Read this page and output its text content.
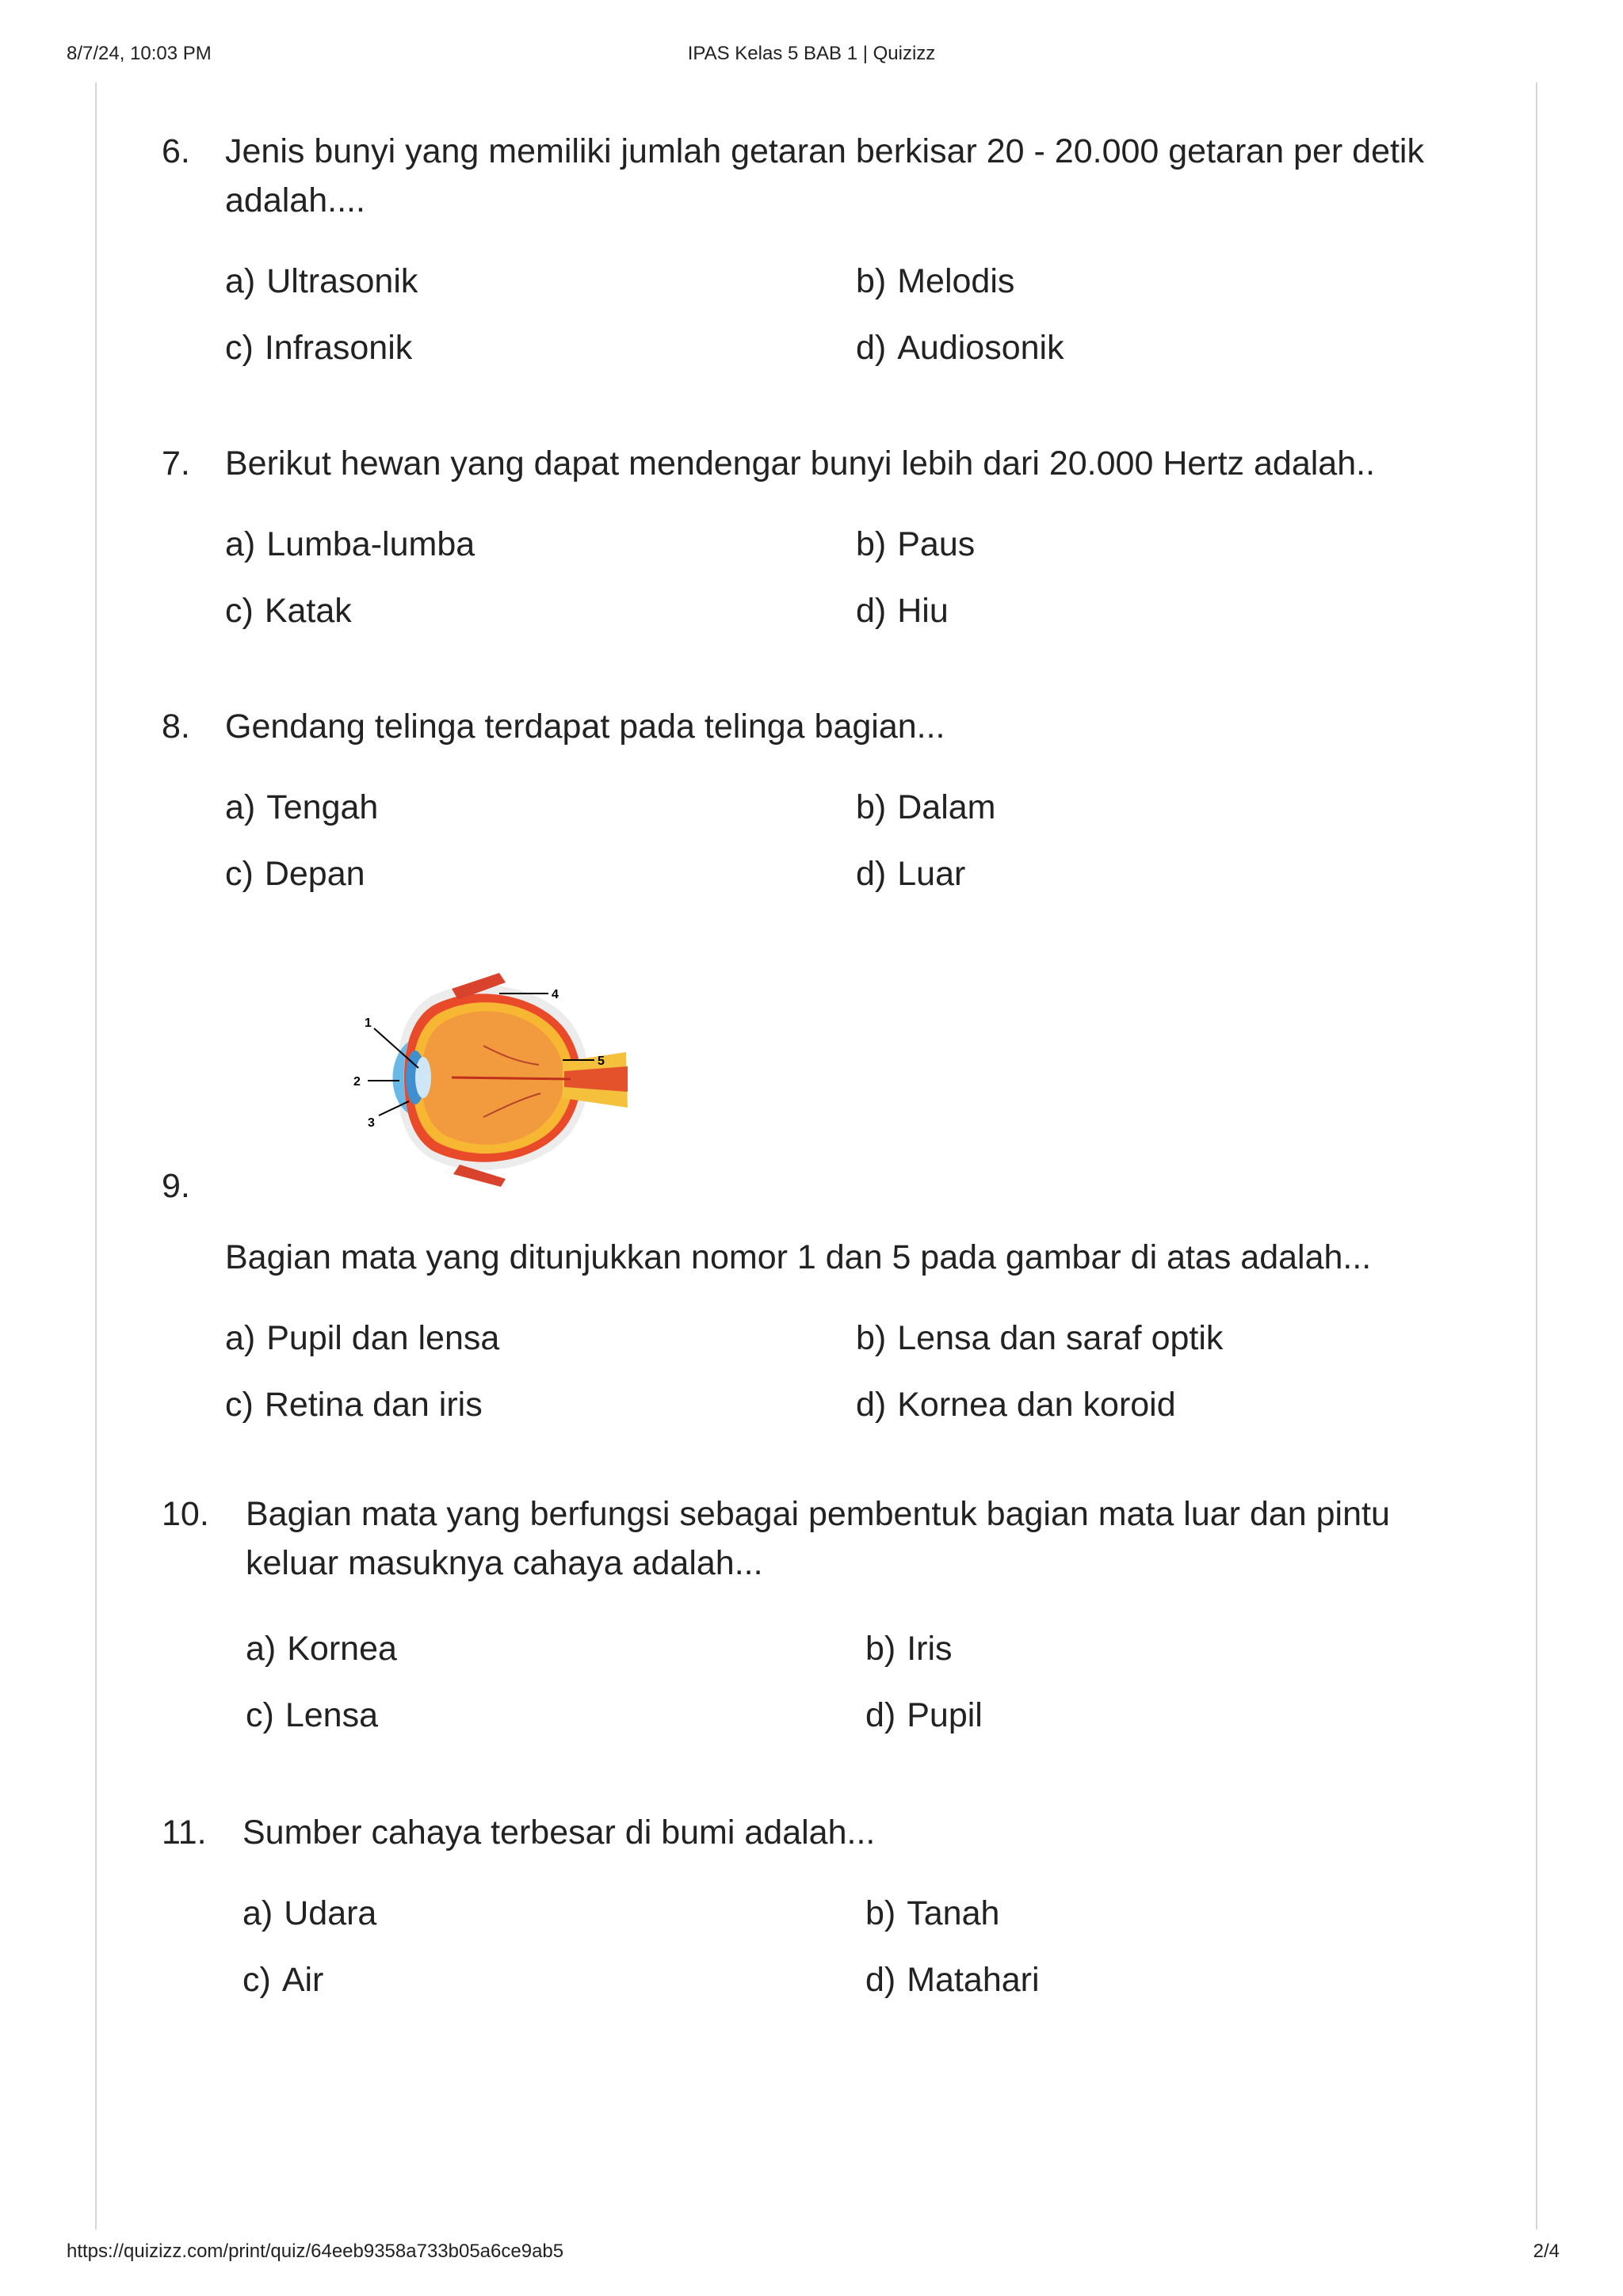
8/7/24, 10:03 PM	IPAS Kelas 5 BAB 1 | Quizizz
6. Jenis bunyi yang memiliki jumlah getaran berkisar 20 - 20.000 getaran per detik adalah....
a) Ultrasonik	b) Melodis
c) Infrasonik	d) Audiosonik
7. Berikut hewan yang dapat mendengar bunyi lebih dari 20.000 Hertz adalah..
a) Lumba-lumba	b) Paus
c) Katak	d) Hiu
8. Gendang telinga terdapat pada telinga bagian...
a) Tengah	b) Dalam
c) Depan	d) Luar
1
2
3
4
5
9.
Bagian mata yang ditunjukkan nomor 1 dan 5 pada gambar di atas adalah...
a) Pupil dan lensa	b) Lensa dan saraf optik
c) Retina dan iris	d) Kornea dan koroid
10. Bagian mata yang berfungsi sebagai pembentuk bagian mata luar dan pintu keluar masuknya cahaya adalah...
a) Kornea	b) Iris
c) Lensa	d) Pupil
11. Sumber cahaya terbesar di bumi adalah...
a) Udara	b) Tanah
c) Air	d) Matahari
https://quizizz.com/print/quiz/64eeb9358a733b05a6ce9ab5	2/4
